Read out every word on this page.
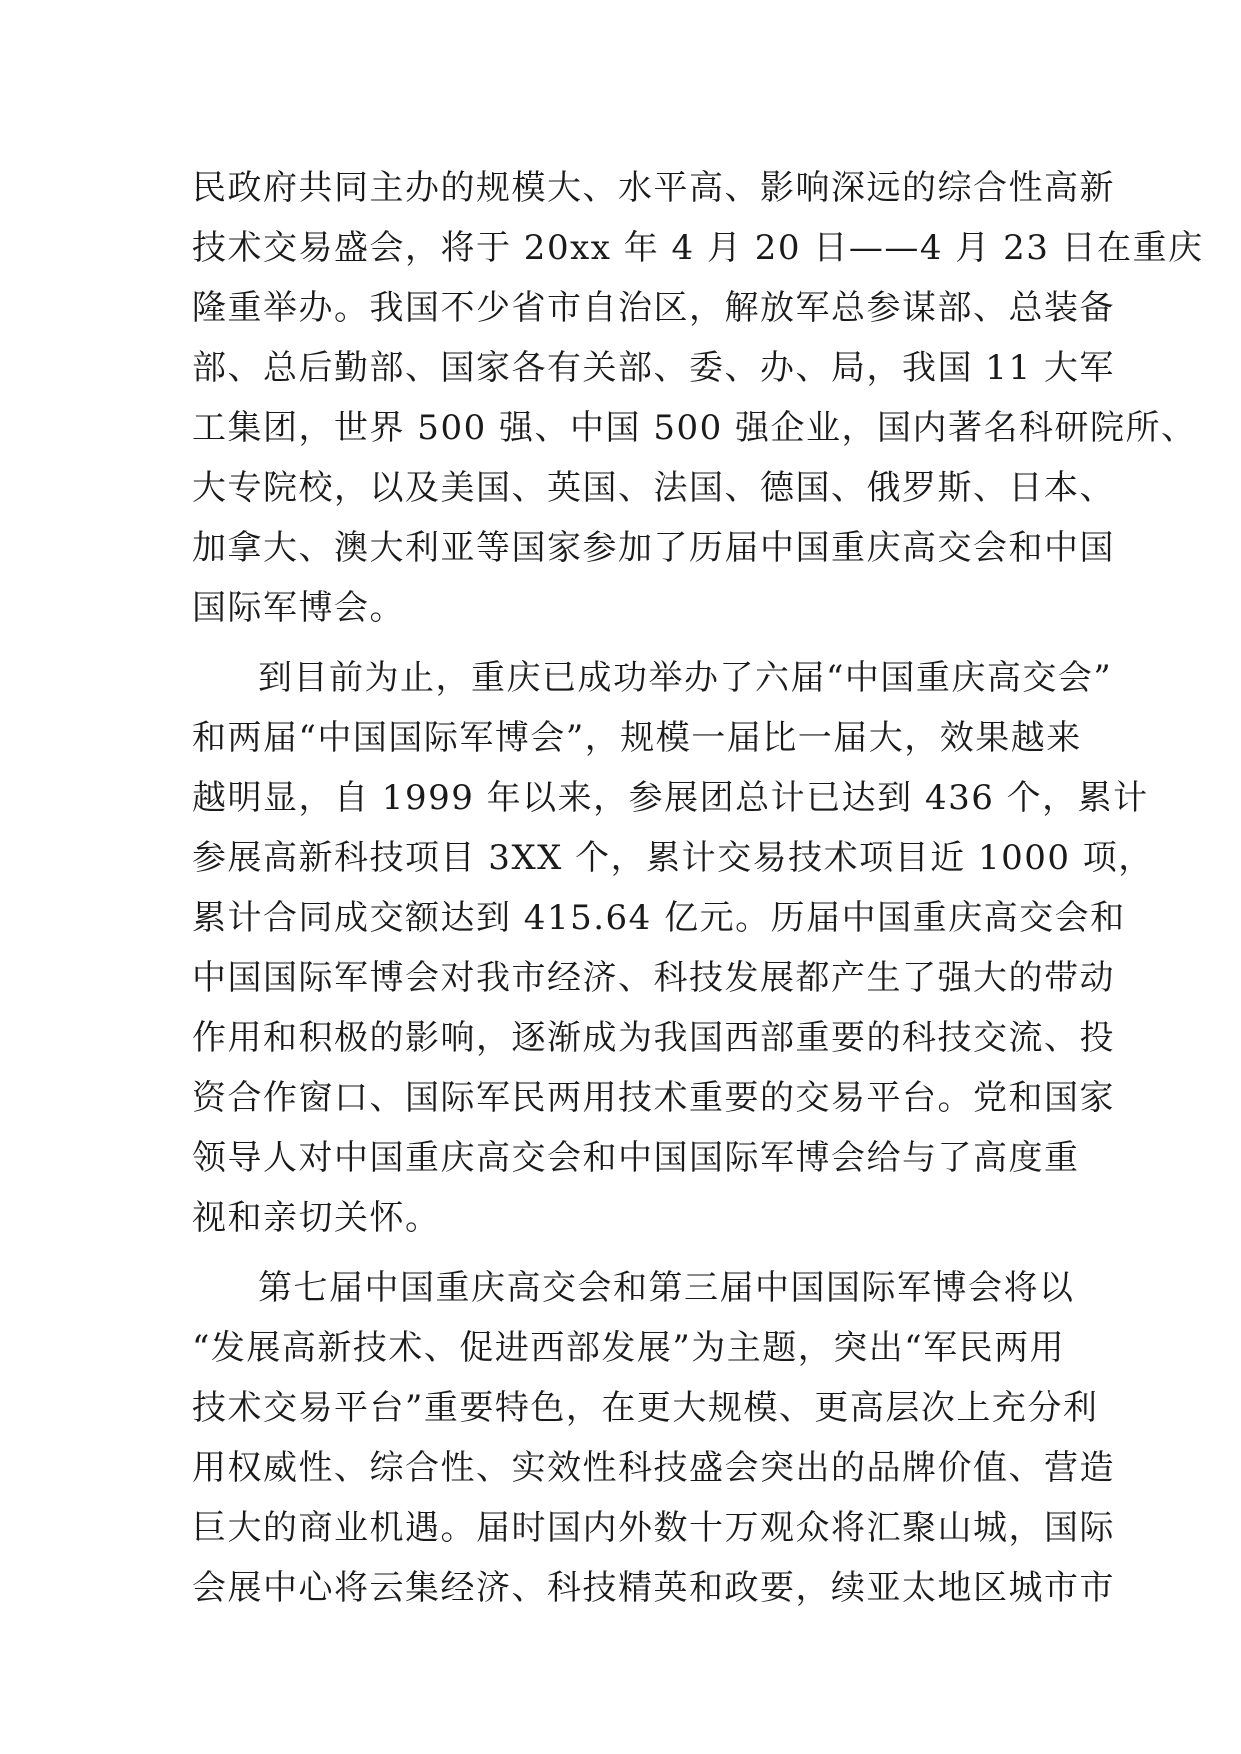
民政府共同主办的规模大、水平高、影响深远的综合性高新
技术交易盛会，将于 20xx 年 4 月 20 日——4 月 23 日在重庆
隆重举办。我国不少省市自治区，解放军总参谋部、总装备
部、总后勤部、国家各有关部、委、办、局，我国 11 大军
工集团，世界 500 强、中国 500 强企业，国内著名科研院所、
大专院校，以及美国、英国、法国、德国、俄罗斯、日本、
加拿大、澳大利亚等国家参加了历届中国重庆高交会和中国
国际军博会。
到目前为止，重庆已成功举办了六届“中国重庆高交会”
和两届“中国国际军博会”，规模一届比一届大，效果越来
越明显，自 1999 年以来，参展团总计已达到 436 个，累计
参展高新科技项目 3XX 个，累计交易技术项目近 1000 项，
累计合同成交额达到 415.64 亿元。历届中国重庆高交会和
中国国际军博会对我市经济、科技发展都产生了强大的带动
作用和积极的影响，逐渐成为我国西部重要的科技交流、投
资合作窗口、国际军民两用技术重要的交易平台。党和国家
领导人对中国重庆高交会和中国国际军博会给与了高度重
视和亲切关怀。
第七届中国重庆高交会和第三届中国国际军博会将以
“发展高新技术、促进西部发展”为主题，突出“军民两用
技术交易平台”重要特色，在更大规模、更高层次上充分利
用权威性、综合性、实效性科技盛会突出的品牌价值、营造
巨大的商业机遇。届时国内外数十万观众将汇聚山城，国际
会展中心将云集经济、科技精英和政要，续亚太地区城市市
